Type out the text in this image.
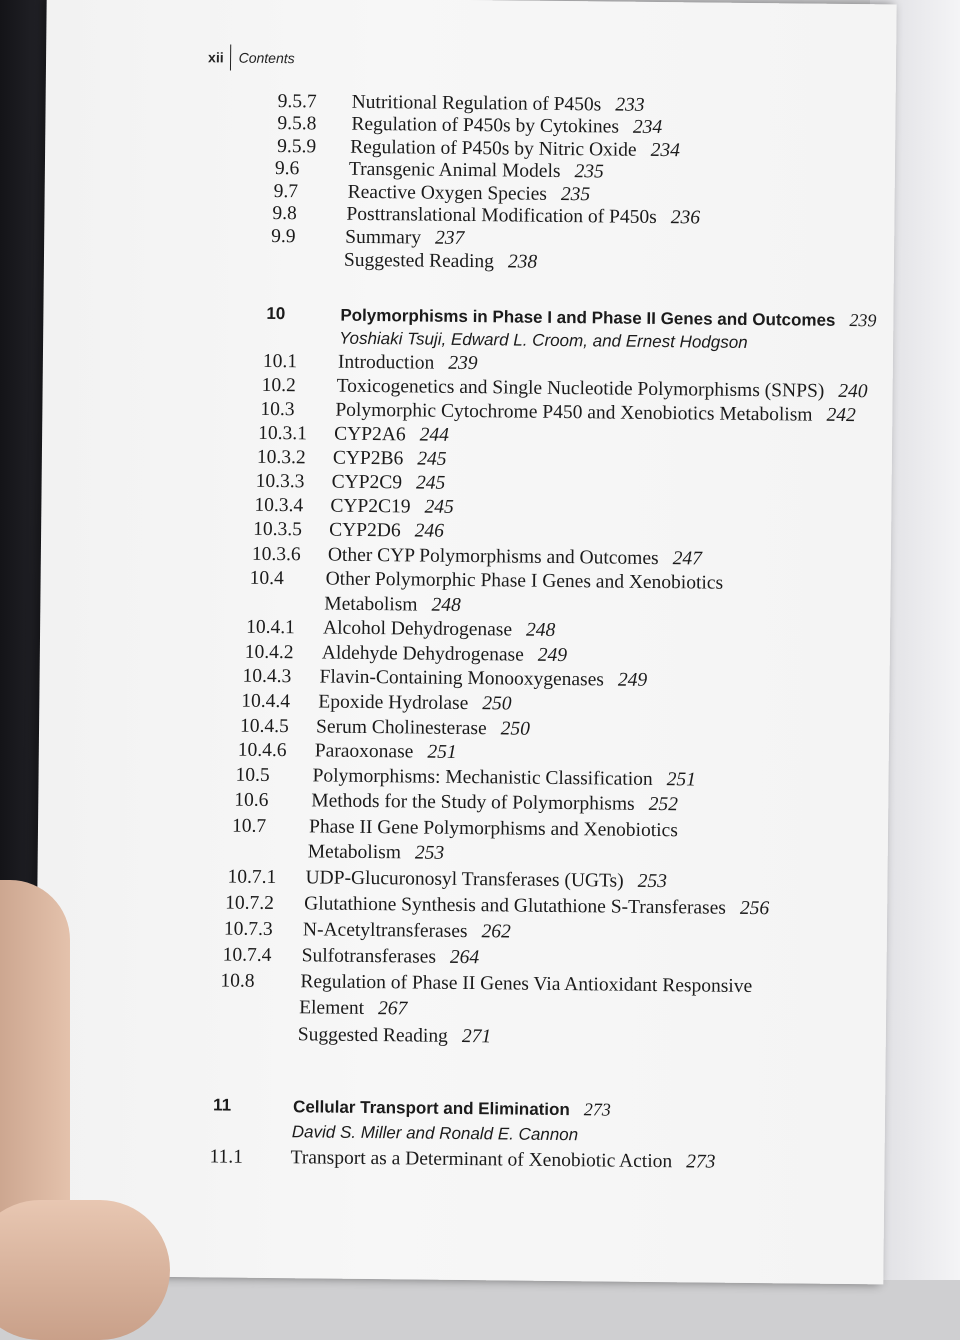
xii Contents
9.5.7 Nutritional Regulation of P450s 233
9.5.8 Regulation of P450s by Cytokines 234
9.5.9 Regulation of P450s by Nitric Oxide 234
9.6	Transgenic Animal Models 235
9.7	Reactive Oxygen Species 235
9.8	Posttranslational Modification of P450s 236
9.9	Summary 237
Suggested Reading 238
10	Polymorphisms in Phase I and Phase II Genes and Outcomes 239
Yoshiaki Tsuji, Edward L. Croom, and Ernest Hodgson
10.1 Introduction 239
10.2 Toxicogenetics and Single Nucleotide Polymorphisms (SNPS) 240
10.3 Polymorphic Cytochrome P450 and Xenobiotics Metabolism 242
10.3.1 CYP2A6 244
10.3.2 CYP2B6 245
10.3.3 CYP2C9 245
10.3.4 CYP2C19 245
10.3.5 CYP2D6 246
10.3.6 Other CYP Polymorphisms and Outcomes 247
10.4 Other Polymorphic Phase I Genes and Xenobiotics
Metabolism 248
10.4.1 Alcohol Dehydrogenase 248
10.4.2 Aldehyde Dehydrogenase 249
10.4.3 Flavin-Containing Monooxygenases 249
10.4.4 Epoxide Hydrolase 250
10.4.5 Serum Cholinesterase 250
10.4.6 Paraoxonase 251
10.5 Polymorphisms: Mechanistic Classification 251
10.6 Methods for the Study of Polymorphisms 252
10.7 Phase II Gene Polymorphisms and Xenobiotics
Metabolism 253
10.7.1 UDP-Glucuronosyl Transferases (UGTs) 253
10.7.2 Glutathione Synthesis and Glutathione S-Transferases 256
10.7.3 N-Acetyltransferases 262
10.7.4 Sulfotransferases 264
10.8 Regulation of Phase II Genes Via Antioxidant Responsive
Element 267
Suggested Reading 271
11	Cellular Transport and Elimination 273
David S. Miller and Ronald E. Cannon
11.1 Transport as a Determinant of Xenobiotic Action 273
